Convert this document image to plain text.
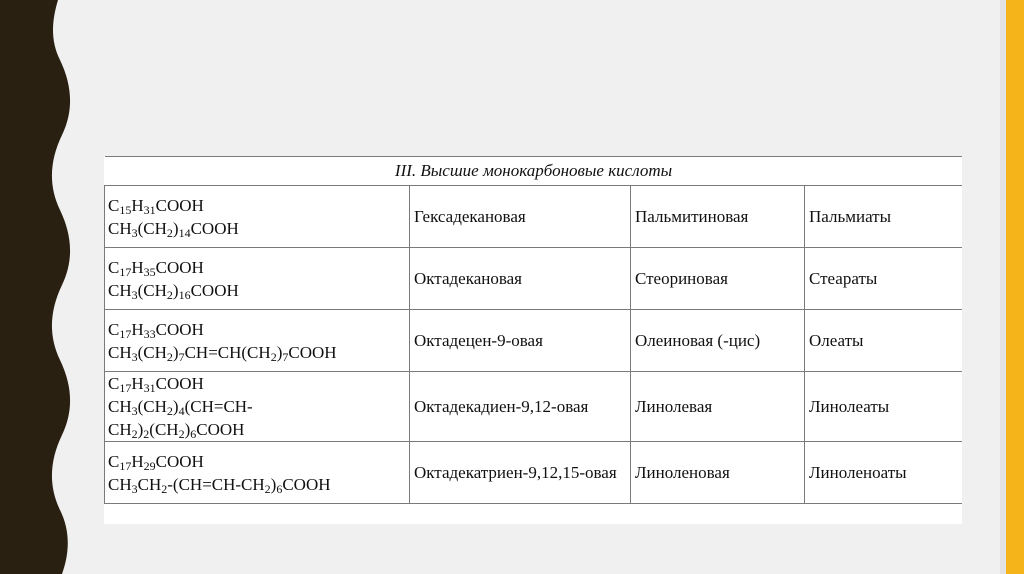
III. Высшие монокарбоновые кислоты			

$C_{15}H_{31}COOH$
$CH_3(CH_2)_{14}COOH$	Гексадекановая	Пальмитиновая	Пальмиаты

$C_{17}H_{35}COOH$
$CH_3(CH_2)_{16}COOH$	Октадекановая	Стеориновая	Стеараты

$C_{17}H_{33}COOH$
$CH_3(CH_2)_7CH=CH(CH_2)_7COOH$	Октадецен-9-овая	Олеиновая (-цис)	Олеаты

$C_{17}H_{31}COOH$
$CH_3(CH_2)_4(CH=CH-$
$CH_2)_2(CH_2)_6COOH$	Октадекадиен-9,12-овая	Линолевая	Линолеаты

$C_{17}H_{29}COOH$
$CH_3CH_2-(CH=CH-CH_2)_6COOH$	Октадекатриен-9,12,15-овая	Линоленовая	Линоленоаты
